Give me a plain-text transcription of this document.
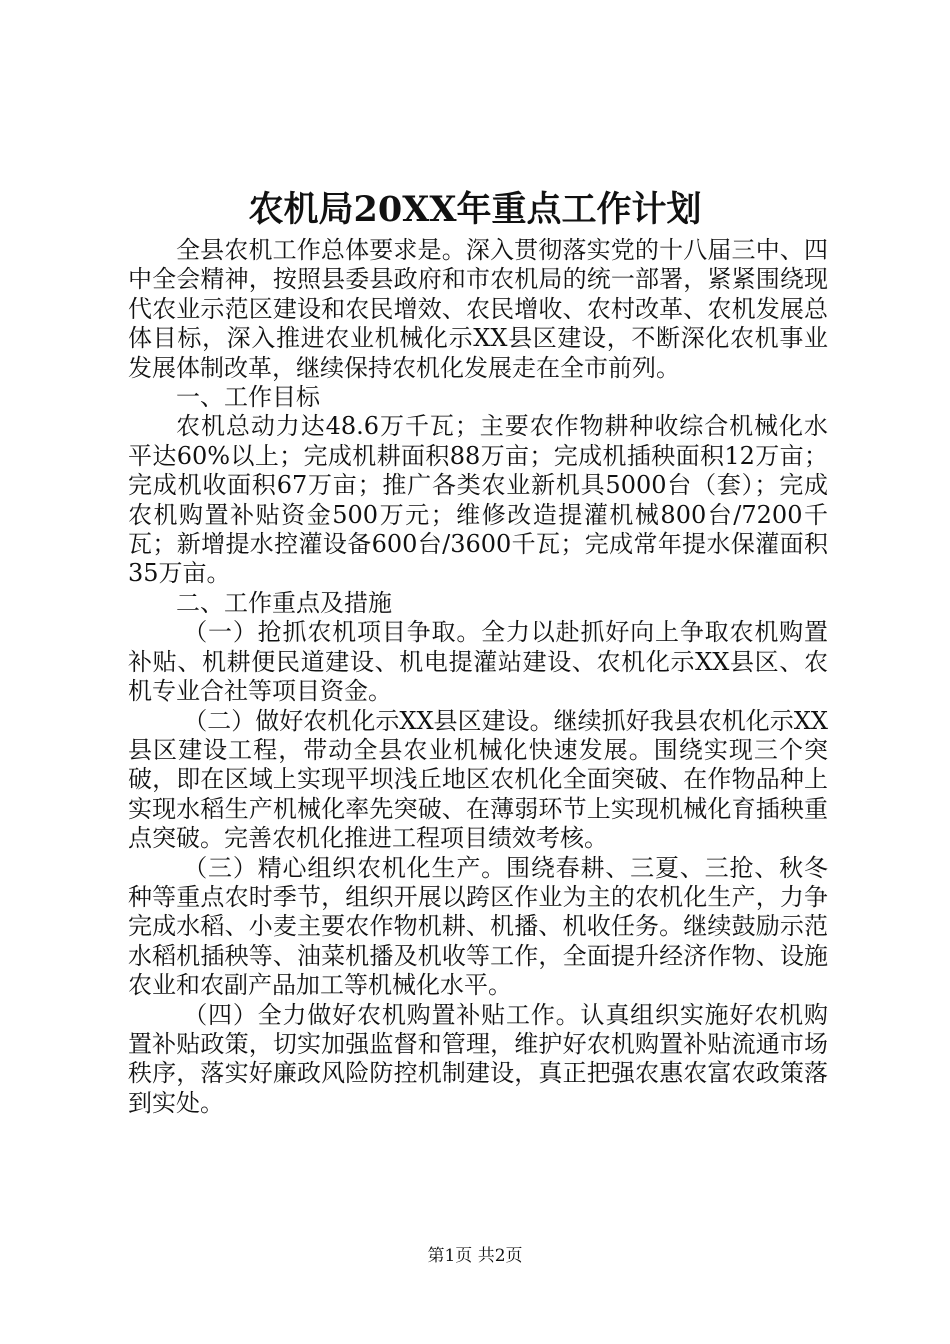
农机局20XX年重点工作计划

全县农机工作总体要求是。深入贯彻落实党的十八届三中、四中全会精神，按照县委县政府和市农机局的统一部署，紧紧围绕现代农业示范区建设和农民增效、农民增收、农村改革、农机发展总体目标，深入推进农业机械化示XX县区建设，不断深化农机事业发展体制改革，继续保持农机化发展走在全市前列。

一、工作目标

农机总动力达48.6万千瓦；主要农作物耕种收综合机械化水平达60%以上；完成机耕面积88万亩；完成机插秧面积12万亩；完成机收面积67万亩；推广各类农业新机具5000台（套）；完成农机购置补贴资金500万元；维修改造提灌机械800台/7200千瓦；新增提水控灌设备600台/3600千瓦；完成常年提水保灌面积35万亩。

二、工作重点及措施

（一）抢抓农机项目争取。全力以赴抓好向上争取农机购置补贴、机耕便民道建设、机电提灌站建设、农机化示XX县区、农机专业合社等项目资金。

（二）做好农机化示XX县区建设。继续抓好我县农机化示XX县区建设工程，带动全县农业机械化快速发展。围绕实现三个突破，即在区域上实现平坝浅丘地区农机化全面突破、在作物品种上实现水稻生产机械化率先突破、在薄弱环节上实现机械化育插秧重点突破。完善农机化推进工程项目绩效考核。

（三）精心组织农机化生产。围绕春耕、三夏、三抢、秋冬种等重点农时季节，组织开展以跨区作业为主的农机化生产，力争完成水稻、小麦主要农作物机耕、机播、机收任务。继续鼓励示范水稻机插秧等、油菜机播及机收等工作，全面提升经济作物、设施农业和农副产品加工等机械化水平。

（四）全力做好农机购置补贴工作。认真组织实施好农机购置补贴政策，切实加强监督和管理，维护好农机购置补贴流通市场秩序，落实好廉政风险防控机制建设，真正把强农惠农富农政策落到实处。

第1页 共2页
